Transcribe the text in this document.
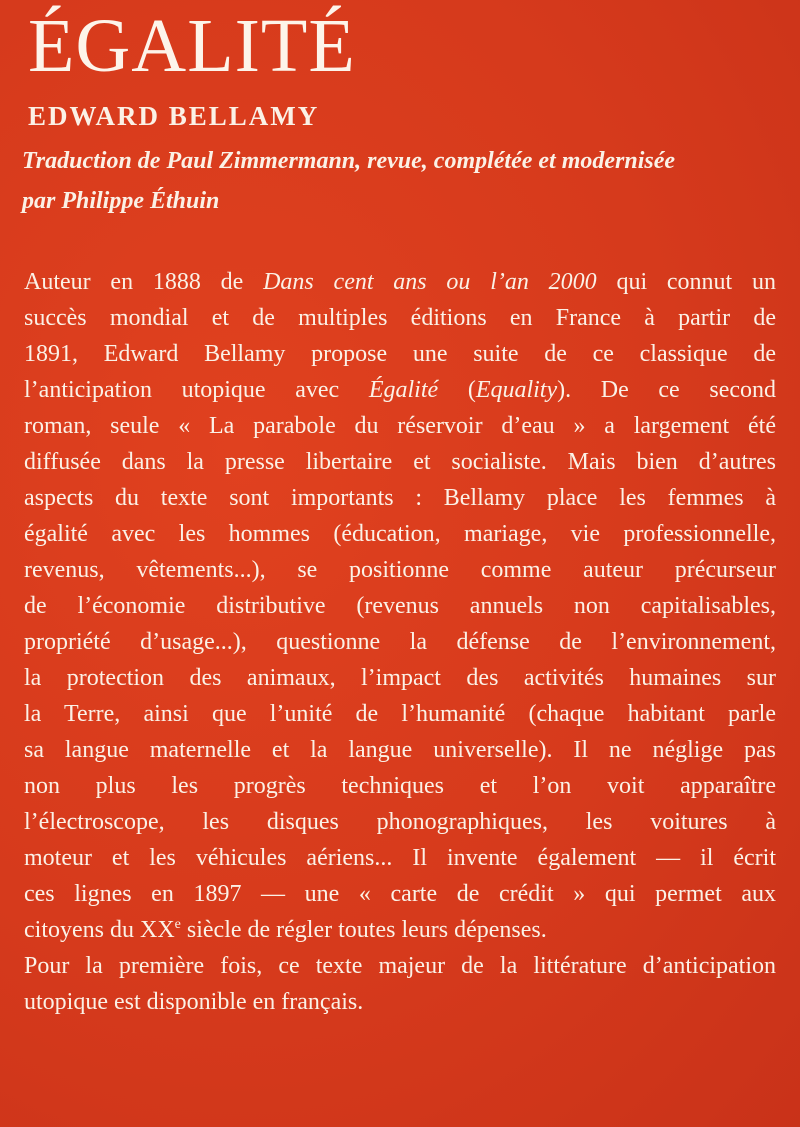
ÉGALITÉ
EDWARD BELLAMY
Traduction de Paul Zimmermann, revue, complétée et modernisée
par Philippe Éthuin
Auteur en 1888 de Dans cent ans ou l’an 2000 qui connut un
succès mondial et de multiples éditions en France à partir de
1891, Edward Bellamy propose une suite de ce classique de
l’anticipation utopique avec Égalité (Equality). De ce second
roman, seule « La parabole du réservoir d’eau » a largement été
diffusée dans la presse libertaire et socialiste. Mais bien d’autres
aspects du texte sont importants : Bellamy place les femmes à
égalité avec les hommes (éducation, mariage, vie professionnelle,
revenus, vêtements...), se positionne comme auteur précurseur
de l’économie distributive (revenus annuels non capitalisables,
propriété d’usage...), questionne la défense de l’environnement,
la protection des animaux, l’impact des activités humaines sur
la Terre, ainsi que l’unité de l’humanité (chaque habitant parle
sa langue maternelle et la langue universelle). Il ne néglige pas
non plus les progrès techniques et l’on voit apparaître
l’électroscope, les disques phonographiques, les voitures à
moteur et les véhicules aériens... Il invente également — il écrit
ces lignes en 1897 — une « carte de crédit » qui permet aux
citoyens du XXe siècle de régler toutes leurs dépenses.
Pour la première fois, ce texte majeur de la littérature d’anticipation
utopique est disponible en français.
